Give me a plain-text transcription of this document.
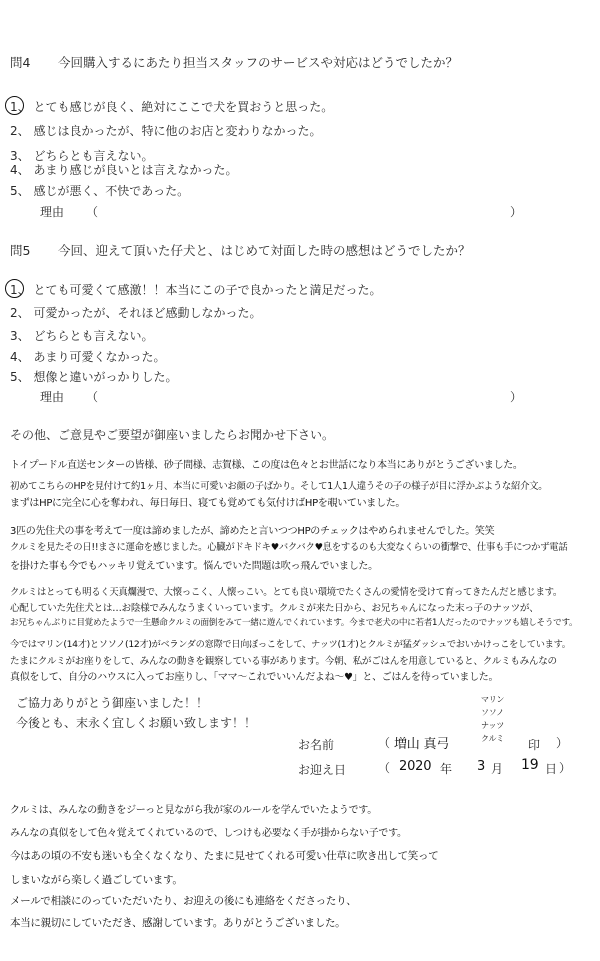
問4 今回購入するにあたり担当スタッフのサービスや対応はどうでしたか？
1、 とても感じが良く、絶対にここで犬を買おうと思った。
2、 感じは良かったが、特に他のお店と変わりなかった。
3、 どちらとも言えない。
4、 あまり感じが良いとは言えなかった。
5、 感じが悪く、不快であった。
理由 （	）
問5 今回、迎えて頂いた仔犬と、はじめて対面した時の感想はどうでしたか？
1、 とても可愛くて感激！！本当にこの子で良かったと満足だった。
2、 可愛かったが、それほど感動しなかった。
3、 どちらとも言えない。
4、 あまり可愛くなかった。
5、 想像と違いがっかりした。
理由 （	）
その他、ご意見やご要望が御座いましたらお聞かせ下さい。
トイプードル直送センターの皆様、砂子間様、志賀様、この度は色々とお世話になり本当にありがとうございました。
初めてこちらのHPを見付けて約1ヶ月、本当に可愛いお顔の子ばかり。そして1人1人違うその子の様子が目に浮かぶような紹介文。
まずはHPに完全に心を奪われ、毎日毎日、寝ても覚めても気付けばHPを覗いていました。
3匹の先住犬の事を考えて一度は諦めましたが、諦めたと言いつつHPのチェックはやめられませんでした。笑笑
クルミを見たその日!!まさに運命を感じました。心臓がドキドキ♥バクバク♥息をするのも大変なくらいの衝撃で、仕事も手につかず電話
を掛けた事も今でもハッキリ覚えています。悩んでいた問題は吹っ飛んでいました。
クルミはとっても明るく天真爛漫で、大懐っこく、人懐っこい。とても良い環境でたくさんの愛情を受けて育ってきたんだと感じます。
心配していた先住犬とは…お陰様でみんなうまくいっています。クルミが来た日から、お兄ちゃんになった末っ子のナッツが、
お兄ちゃんぶりに目覚めたようで一生懸命クルミの面倒をみて一緒に遊んでくれています。今まで老犬の中に若者1人だったのでナッツも嬉しそうです。
今ではマリン(14才)とソソノ(12才)がベランダの窓際で日向ぼっこをして、ナッツ(1才)とクルミが猛ダッシュでおいかけっこをしています。
たまにクルミがお座りをして、みんなの動きを観察している事があります。今朝、私がごはんを用意していると、クルミもみんなの
真似をして、自分のハウスに入ってお座りし、「ママ〜これでいいんだよね〜♥」と、ごはんを待っていました。
ご協力ありがとう御座いました！！
今後とも、末永く宜しくお願い致します！！
お名前	（ 増山 真弓
マリン
ソソノ
ナッツ
クルミ 印 ）
お迎え日	（ 2020 年 3 月 19 日 ）
クルミは、みんなの動きをジーっと見ながら我が家のルールを学んでいたようです。
みんなの真似をして色々覚えてくれているので、しつけも必要なく手が掛からない子です。
今はあの頃の不安も迷いも全くなくなり、たまに見せてくれる可愛い仕草に吹き出して笑って
しまいながら楽しく過ごしています。
メールで相談にのっていただいたり、お迎えの後にも連絡をくださったり、
本当に親切にしていただき、感謝しています。ありがとうございました。
